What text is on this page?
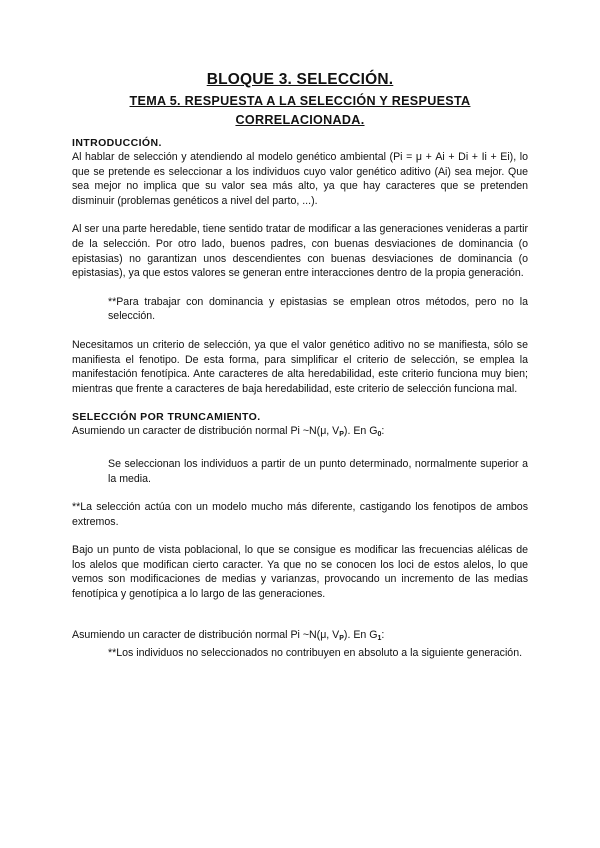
BLOQUE 3. SELECCIÓN.
TEMA 5. RESPUESTA A LA SELECCIÓN Y RESPUESTA
CORRELACIONADA.
INTRODUCCIÓN.

Al hablar de selección y atendiendo al modelo genético ambiental (Pi = μ + Ai + Di + Ii + Ei), lo que se pretende es seleccionar a los individuos cuyo valor genético aditivo (Ai) sea mejor. Que sea mejor no implica que su valor sea más alto, ya que hay caracteres que se pretenden disminuir (problemas genéticos a nivel del parto, ...).

Al ser una parte heredable, tiene sentido tratar de modificar a las generaciones venideras a partir de la selección. Por otro lado, buenos padres, con buenas desviaciones de dominancia (o epistasias) no garantizan unos descendientes con buenas desviaciones de dominancia (o epistasias), ya que estos valores se generan entre interacciones dentro de la propia generación.

**Para trabajar con dominancia y epistasias se emplean otros métodos, pero no la selección.

Necesitamos un criterio de selección, ya que el valor genético aditivo no se manifiesta, sólo se manifiesta el fenotipo. De esta forma, para simplificar el criterio de selección, se emplea la manifestación fenotípica. Ante caracteres de alta heredabilidad, este criterio funciona muy bien; mientras que frente a caracteres de baja heredabilidad, este criterio de selección funciona mal.

SELECCIÓN POR TRUNCAMIENTO.

Asumiendo un caracter de distribución normal Pi ~N(μ, $V_P$). En $G_0$:

Se seleccionan los individuos a partir de un punto determinado, normalmente superior a la media.

**La selección actúa con un modelo mucho más diferente, castigando los fenotipos de ambos extremos.

Bajo un punto de vista poblacional, lo que se consigue es modificar las frecuencias alélicas de los alelos que modifican cierto caracter. Ya que no se conocen los loci de estos alelos, lo que vemos son modificaciones de medias y varianzas, provocando un incremento de las medias fenotípica y genotípica a lo largo de las generaciones.

Asumiendo un caracter de distribución normal Pi ~N(μ, $V_P$). En $G_1$:

**Los individuos no seleccionados no contribuyen en absoluto a la siguiente generación.
